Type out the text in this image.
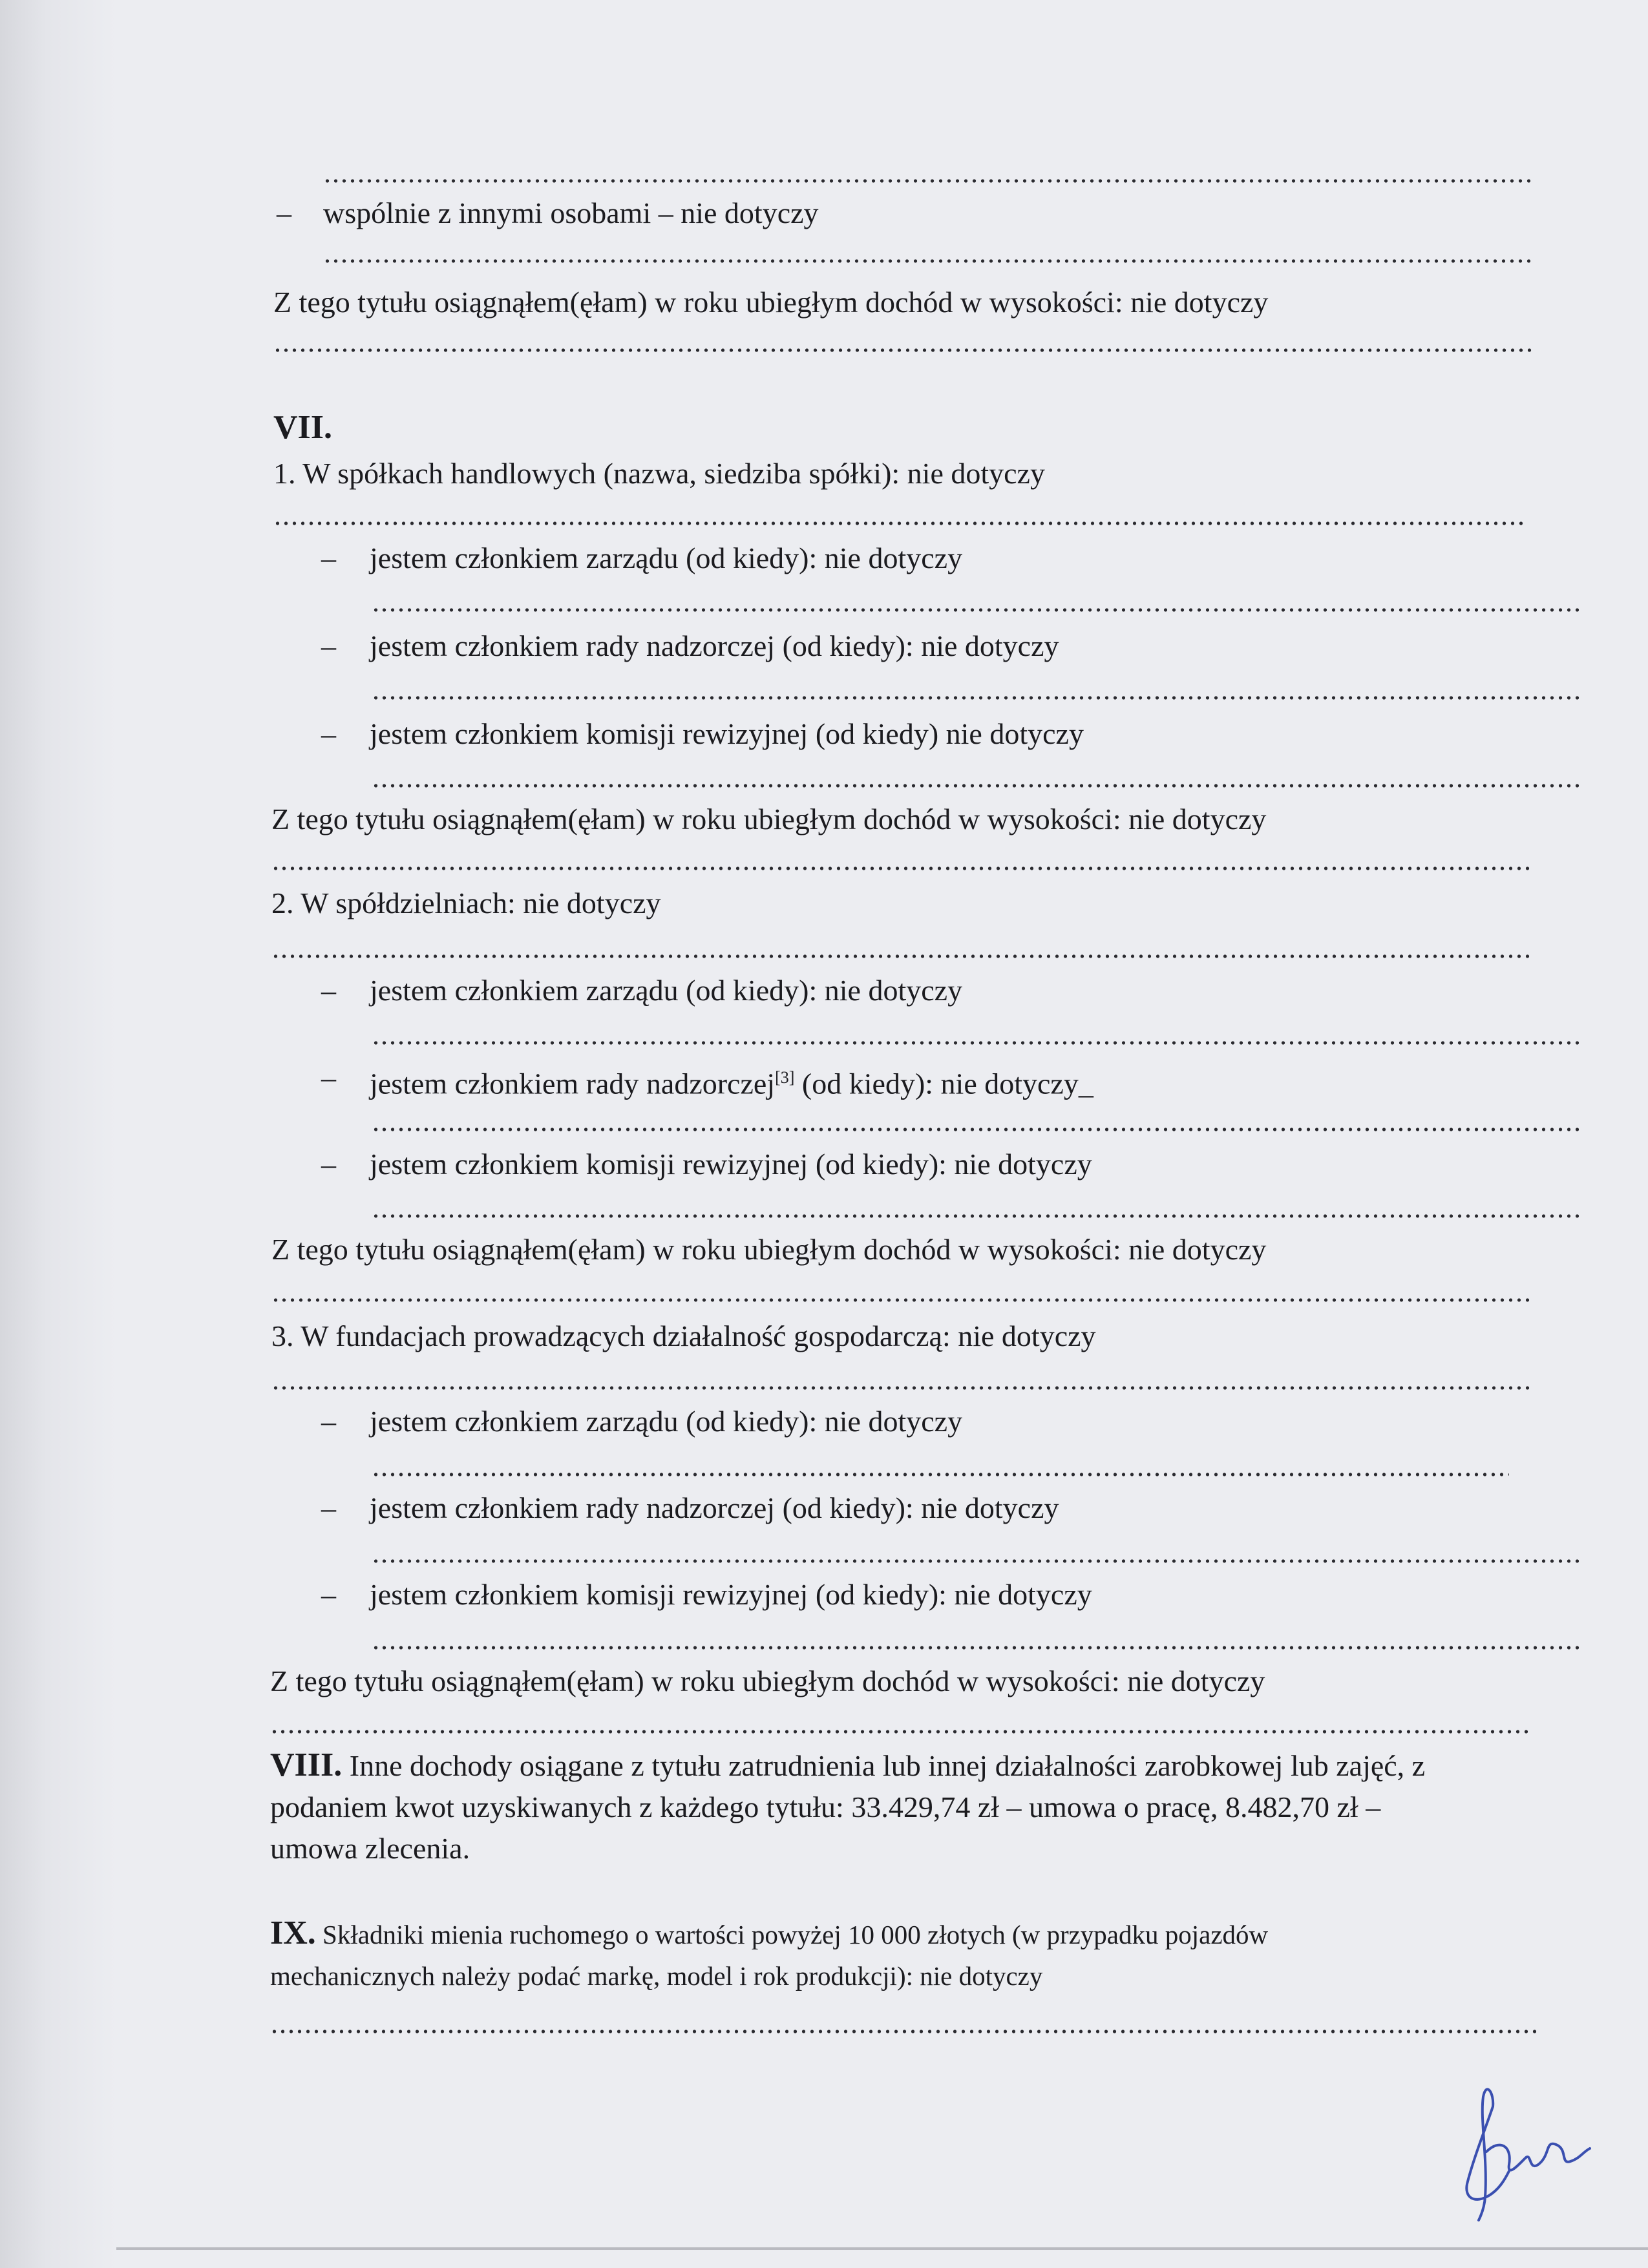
– wspólnie z innymi osobami – nie dotyczy
Z tego tytułu osiągnąłem(ęłam) w roku ubiegłym dochód w wysokości: nie dotyczy
VII.
1. W spółkach handlowych (nazwa, siedziba spółki): nie dotyczy
– jestem członkiem zarządu (od kiedy): nie dotyczy
– jestem członkiem rady nadzorczej (od kiedy): nie dotyczy
– jestem członkiem komisji rewizyjnej (od kiedy) nie dotyczy
Z tego tytułu osiągnąłem(ęłam) w roku ubiegłym dochód w wysokości: nie dotyczy
2. W spółdzielniach: nie dotyczy
– jestem członkiem zarządu (od kiedy): nie dotyczy
– jestem członkiem rady nadzorczej[3] (od kiedy): nie dotyczy_
– jestem członkiem komisji rewizyjnej (od kiedy): nie dotyczy
Z tego tytułu osiągnąłem(ęłam) w roku ubiegłym dochód w wysokości: nie dotyczy
3. W fundacjach prowadzących działalność gospodarczą: nie dotyczy
– jestem członkiem zarządu (od kiedy): nie dotyczy
– jestem członkiem rady nadzorczej (od kiedy): nie dotyczy
– jestem członkiem komisji rewizyjnej (od kiedy): nie dotyczy
Z tego tytułu osiągnąłem(ęłam) w roku ubiegłym dochód w wysokości: nie dotyczy
VIII. Inne dochody osiągane z tytułu zatrudnienia lub innej działalności zarobkowej lub zajęć, z
podaniem kwot uzyskiwanych z każdego tytułu: 33.429,74 zł – umowa o pracę, 8.482,70 zł –
umowa zlecenia.
IX. Składniki mienia ruchomego o wartości powyżej 10 000 złotych (w przypadku pojazdów
mechanicznych należy podać markę, model i rok produkcji): nie dotyczy
